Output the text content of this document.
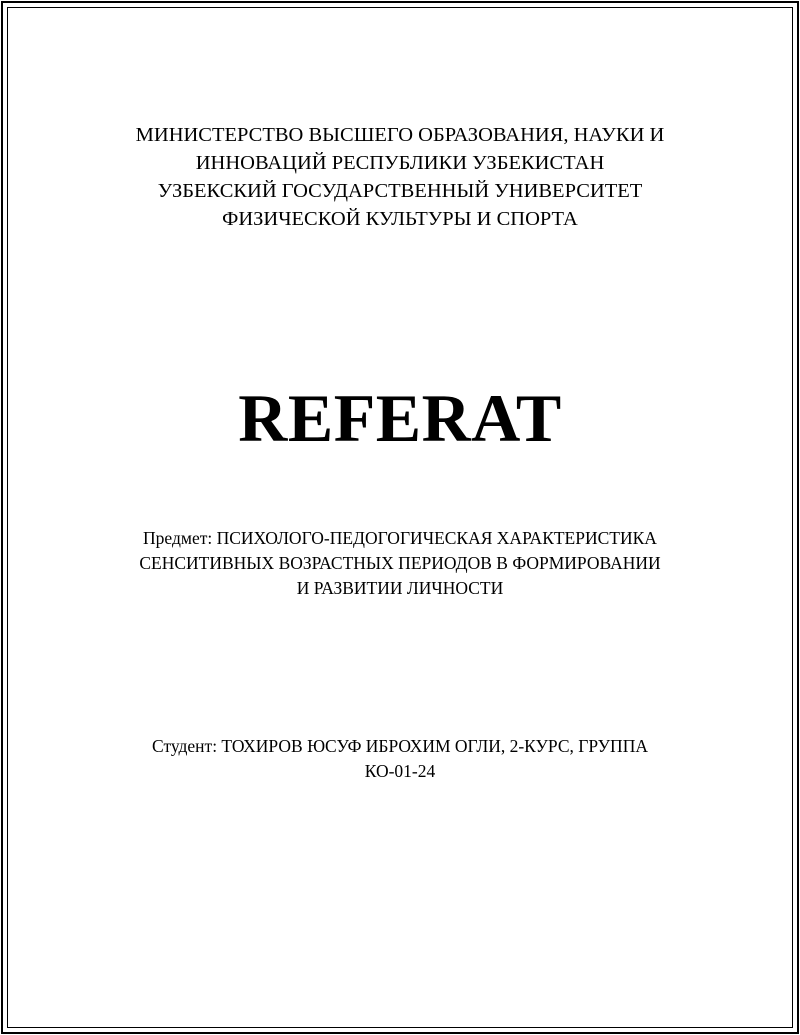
МИНИСТЕРСТВО ВЫСШЕГО ОБРАЗОВАНИЯ, НАУКИ И
ИННОВАЦИЙ РЕСПУБЛИКИ УЗБЕКИСТАН
УЗБЕКСКИЙ ГОСУДАРСТВЕННЫЙ УНИВЕРСИТЕТ
ФИЗИЧЕСКОЙ КУЛЬТУРЫ И СПОРТА
REFERAT
Предмет: ПСИХОЛОГО-ПЕДОГОГИЧЕСКАЯ ХАРАКТЕРИСТИКА
СЕНСИТИВНЫХ ВОЗРАСТНЫХ ПЕРИОДОВ В ФОРМИРОВАНИИ
И РАЗВИТИИ ЛИЧНОСТИ
Студент: ТОХИРОВ ЮСУФ ИБРОХИМ ОГЛИ, 2-КУРС, ГРУППА
КО-01-24
